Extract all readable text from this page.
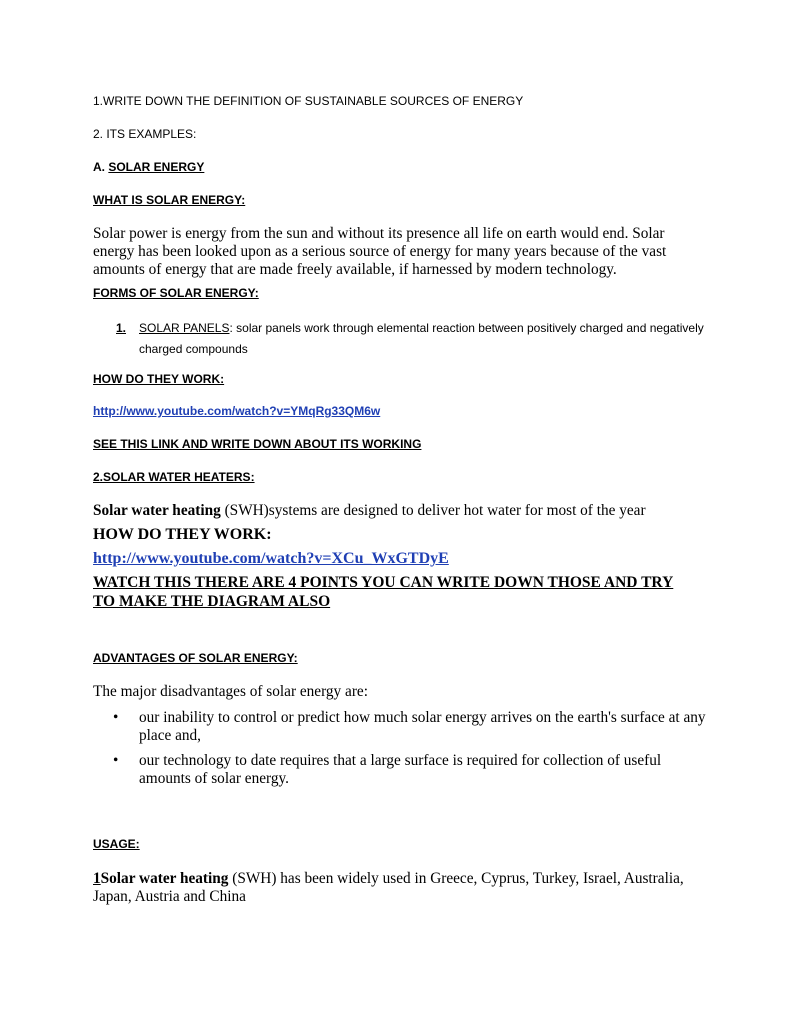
1.WRITE DOWN THE DEFINITION OF SUSTAINABLE SOURCES OF ENERGY
2. ITS EXAMPLES:
A. SOLAR ENERGY
WHAT IS SOLAR ENERGY:
Solar power is energy from the sun and without its presence all life on earth would end. Solar energy has been looked upon as a serious source of energy for many years because of the vast amounts of energy that are made freely available, if harnessed by modern technology.
FORMS OF SOLAR ENERGY:
1. SOLAR PANELS: solar panels work through elemental reaction between positively charged and negatively charged compounds
HOW DO THEY WORK:
http://www.youtube.com/watch?v=YMqRg33QM6w
SEE THIS LINK AND WRITE DOWN ABOUT ITS WORKING
2.SOLAR WATER HEATERS:
Solar water heating (SWH)systems are designed to deliver hot water for most of the year
HOW DO THEY WORK:
http://www.youtube.com/watch?v=XCu_WxGTDyE
WATCH THIS THERE ARE 4 POINTS YOU CAN WRITE DOWN THOSE AND TRY TO MAKE THE DIAGRAM ALSO
ADVANTAGES OF SOLAR ENERGY:
The major disadvantages of solar energy are:
•	our inability to control or predict how much solar energy arrives on the earth's surface at any place and,
•	our technology to date requires that a large surface is required for collection of useful amounts of solar energy.
USAGE:
1Solar water heating (SWH) has been widely used in Greece, Cyprus, Turkey, Israel, Australia, Japan, Austria and China
